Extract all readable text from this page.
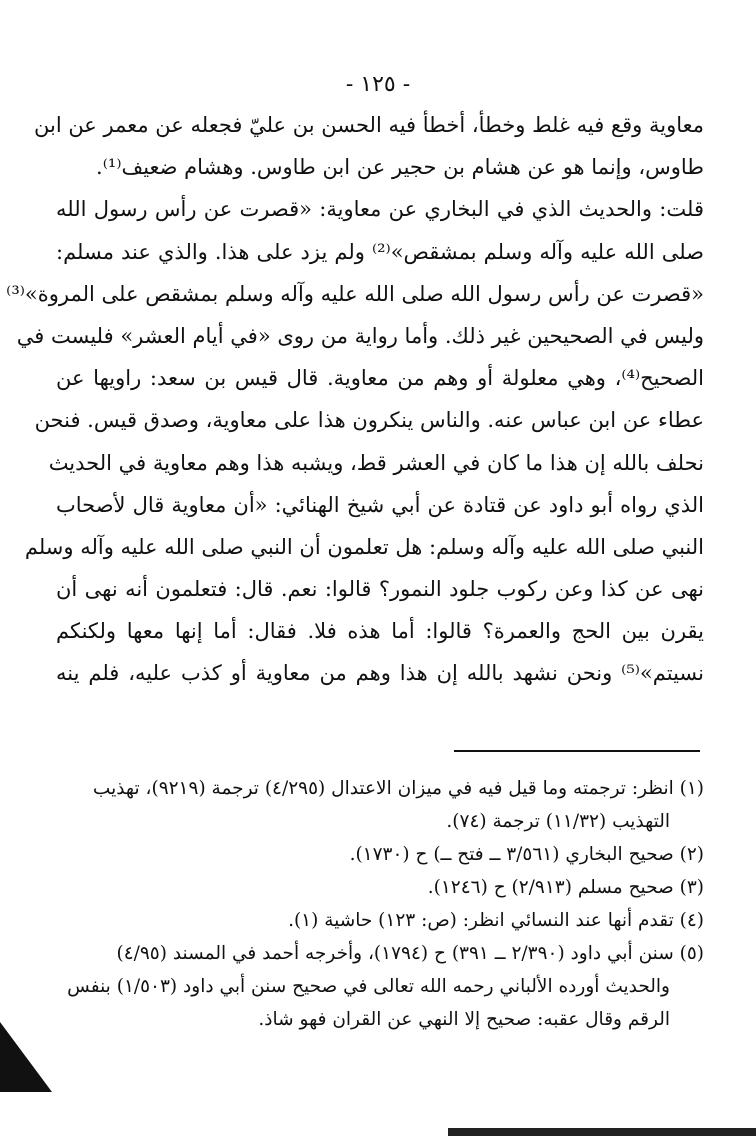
- ١٢٥ -
معاوية وقع فيه غلط وخطأ، أخطأ فيه الحسن بن عليّ فجعله عن معمر عن ابن
طاوس، وإنما هو عن هشام بن حجير عن ابن طاوس. وهشام ضعيف⁽¹⁾.
قلت: والحديث الذي في البخاري عن معاوية: «قصرت عن رأس رسول الله
صلى الله عليه وآله وسلم بمشقص»⁽²⁾ ولم يزد على هذا. والذي عند مسلم:
«قصرت عن رأس رسول الله صلى الله عليه وآله وسلم بمشقص على المروة»⁽³⁾
وليس في الصحيحين غير ذلك. وأما رواية من روى «في أيام العشر» فليست في
الصحيح⁽⁴⁾، وهي معلولة أو وهم من معاوية. قال قيس بن سعد: راويها عن
عطاء عن ابن عباس عنه. والناس ينكرون هذا على معاوية، وصدق قيس. فنحن
نحلف بالله إن هذا ما كان في العشر قط، ويشبه هذا وهم معاوية في الحديث
الذي رواه أبو داود عن قتادة عن أبي شيخ الهنائي: «أن معاوية قال لأصحاب
النبي صلى الله عليه وآله وسلم: هل تعلمون أن النبي صلى الله عليه وآله وسلم
نهى عن كذا وعن ركوب جلود النمور؟ قالوا: نعم. قال: فتعلمون أنه نهى أن
يقرن بين الحج والعمرة؟ قالوا: أما هذه فلا. فقال: أما إنها معها ولكنكم
نسيتم»⁽⁵⁾ ونحن نشهد بالله إن هذا وهم من معاوية أو كذب عليه، فلم ينه
(١) انظر: ترجمته وما قيل فيه في ميزان الاعتدال (٤/٢٩٥) ترجمة (٩٢١٩)، تهذيب
التهذيب (١١/٣٢) ترجمة (٧٤).
(٢) صحيح البخاري (٣/٥٦١ ــ فتح ــ) ح (١٧٣٠).
(٣) صحيح مسلم (٢/٩١٣) ح (١٢٤٦).
(٤) تقدم أنها عند النسائي انظر: (ص: ١٢٣) حاشية (١).
(٥) سنن أبي داود (٢/٣٩٠ ــ ٣٩١) ح (١٧٩٤)، وأخرجه أحمد في المسند (٤/٩٥)
والحديث أورده الألباني رحمه الله تعالى في صحيح سنن أبي داود (١/٥٠٣) بنفس
الرقم وقال عقبه: صحيح إلا النهي عن القران فهو شاذ.
